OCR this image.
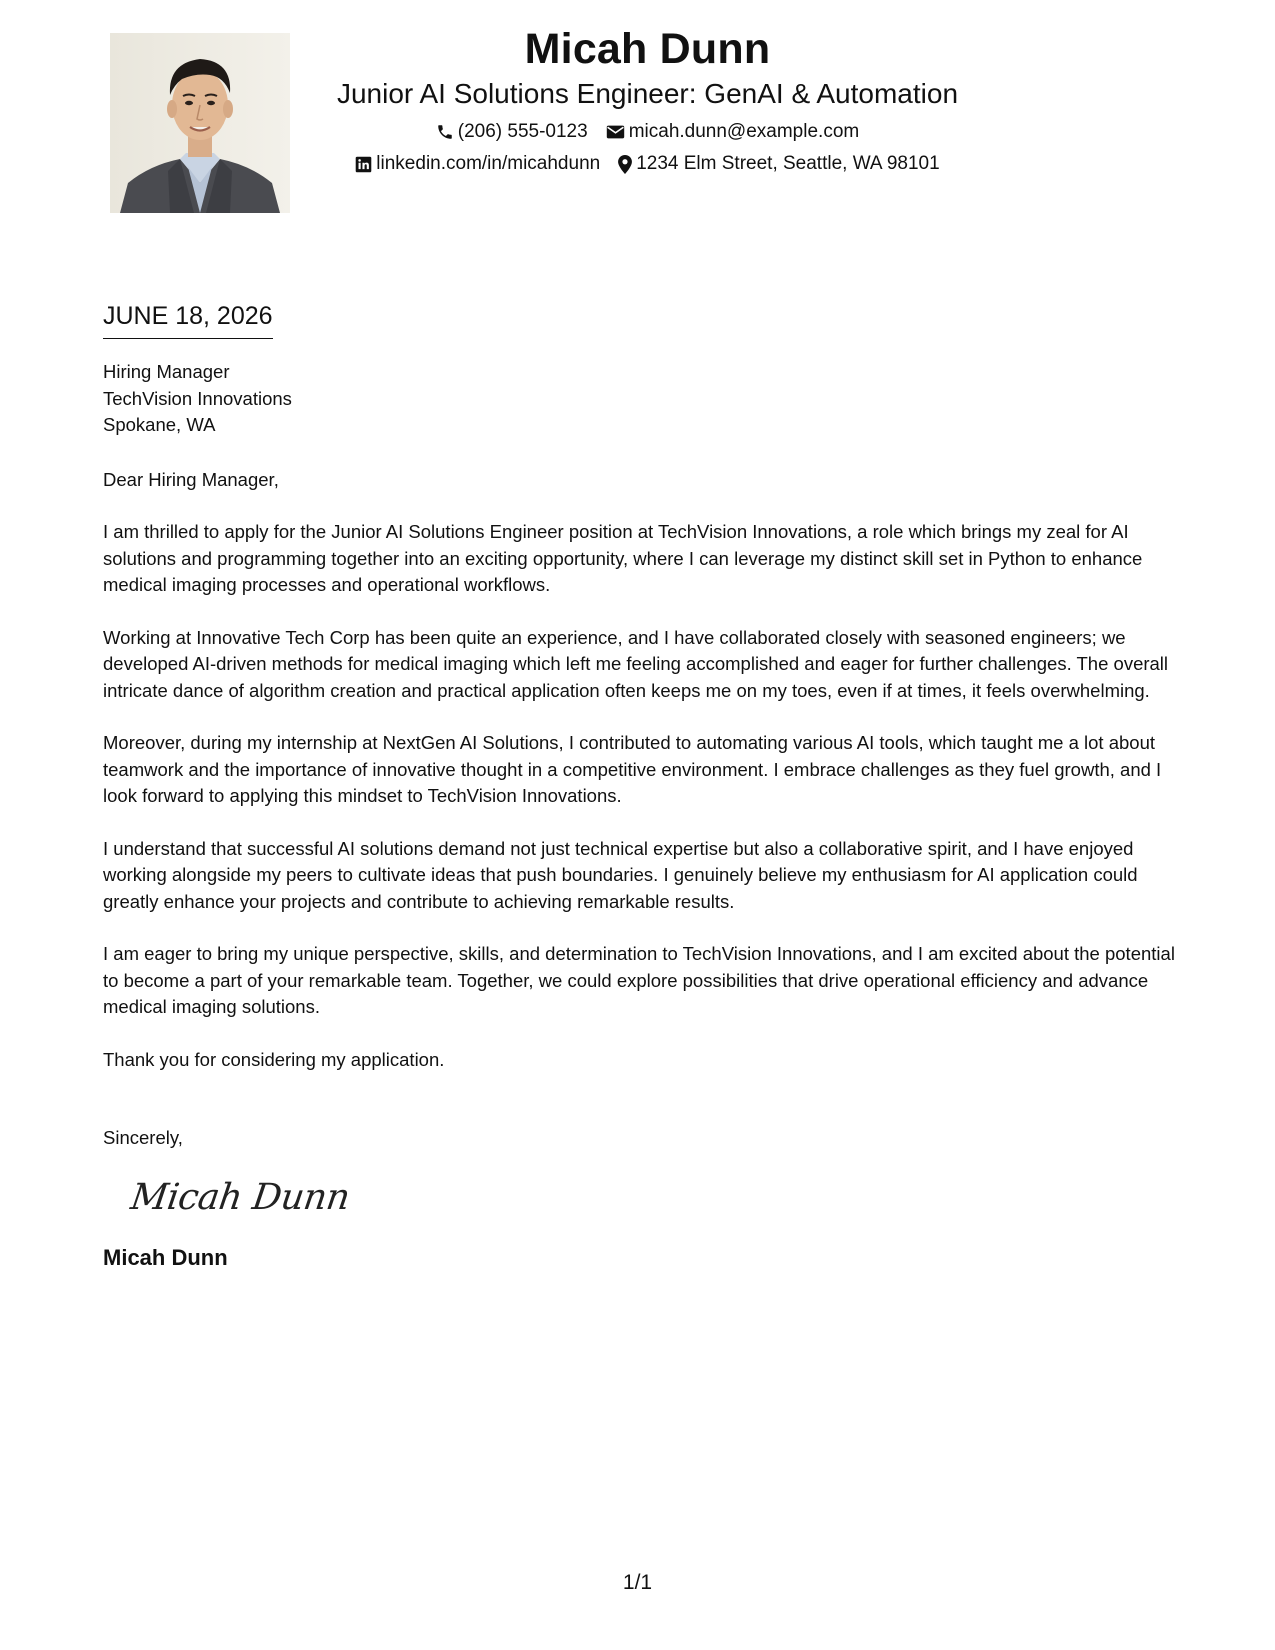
Micah Dunn
Junior AI Solutions Engineer: GenAI & Automation
(206) 555-0123 micah.dunn@example.com
linkedin.com/in/micahdunn 1234 Elm Street, Seattle, WA 98101
JUNE 18, 2026
Hiring Manager
TechVision Innovations
Spokane, WA
Dear Hiring Manager,
I am thrilled to apply for the Junior AI Solutions Engineer position at TechVision Innovations, a role which brings my zeal for AI solutions and programming together into an exciting opportunity, where I can leverage my distinct skill set in Python to enhance medical imaging processes and operational workflows.
Working at Innovative Tech Corp has been quite an experience, and I have collaborated closely with seasoned engineers; we developed AI-driven methods for medical imaging which left me feeling accomplished and eager for further challenges. The overall intricate dance of algorithm creation and practical application often keeps me on my toes, even if at times, it feels overwhelming.
Moreover, during my internship at NextGen AI Solutions, I contributed to automating various AI tools, which taught me a lot about teamwork and the importance of innovative thought in a competitive environment. I embrace challenges as they fuel growth, and I look forward to applying this mindset to TechVision Innovations.
I understand that successful AI solutions demand not just technical expertise but also a collaborative spirit, and I have enjoyed working alongside my peers to cultivate ideas that push boundaries. I genuinely believe my enthusiasm for AI application could greatly enhance your projects and contribute to achieving remarkable results.
I am eager to bring my unique perspective, skills, and determination to TechVision Innovations, and I am excited about the potential to become a part of your remarkable team. Together, we could explore possibilities that drive operational efficiency and advance medical imaging solutions.
Thank you for considering my application.
Sincerely,
Micah Dunn
Micah Dunn
1/1
